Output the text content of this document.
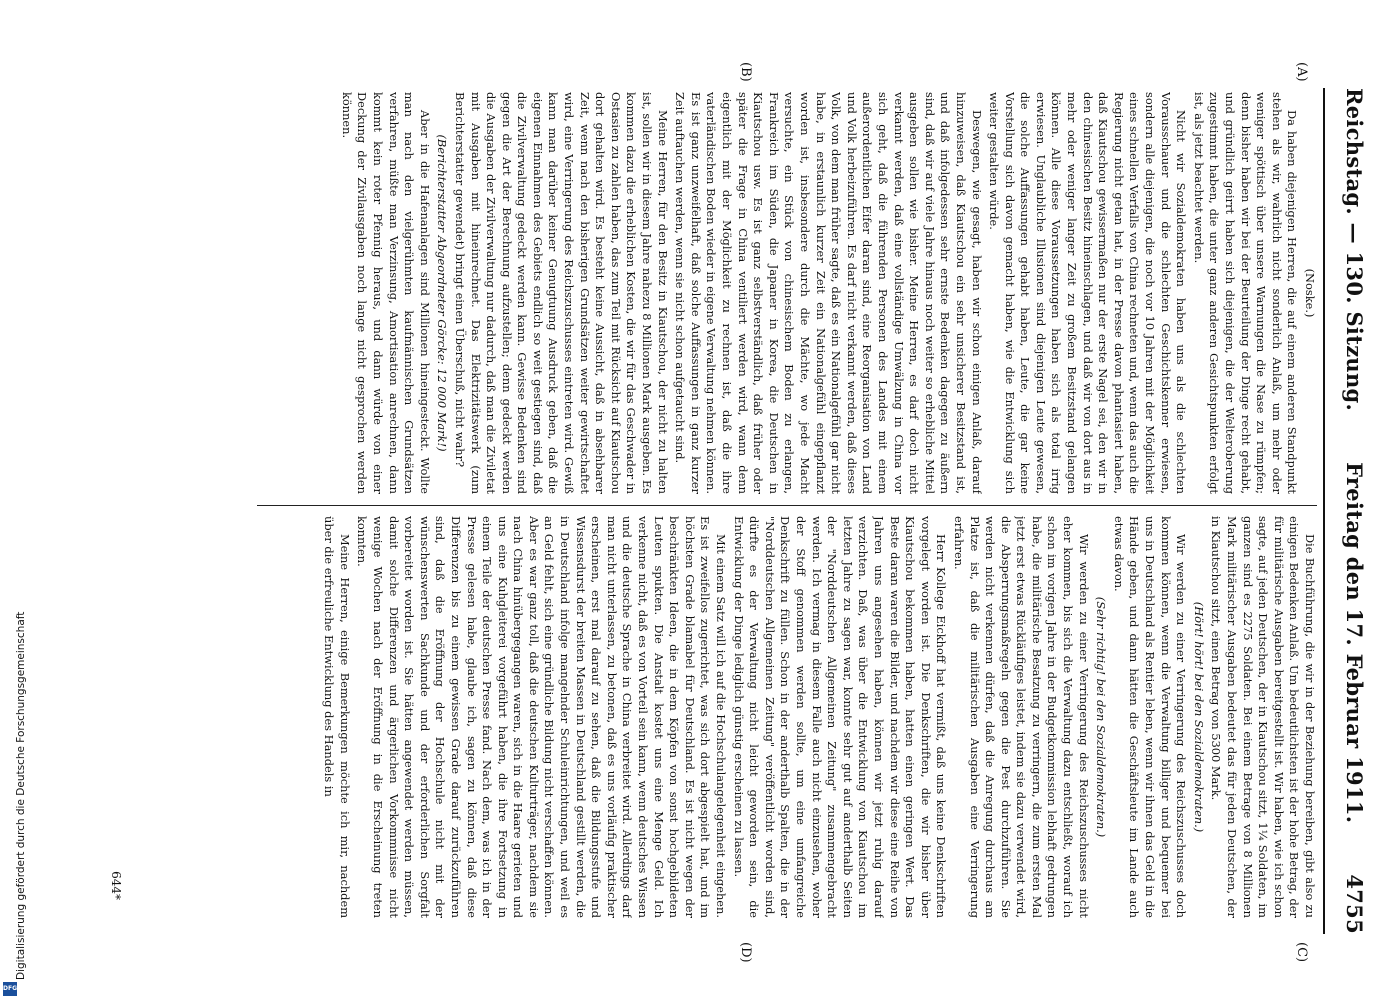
Digitalisierung gefördert durch die Deutsche Forschungsgemeinschaft
DFG
Reichstag. — 130. Sitzung.
Freitag den 17. Februar 1911.
4755
(A)
(B)
(C)
(D)

(Noske.)

Da haben diejenigen Herren, die auf einem anderen Standpunkt stehen als wir, wahrlich nicht sonderlich Anlaß, um mehr oder weniger spöttisch über unsere Warnungen die Nase zu rümpfen; denn bisher haben wir bei der Beurteilung der Dinge recht gehabt, und gründlich geirrt haben sich diejenigen, die der Welteroberung zugestimmt haben, die unter ganz anderen Gesichtspunkten erfolgt ist, als jetzt beachtet werden.

Nicht wir Sozialdemokraten haben uns als die schlechten Vorausschauer und die schlechten Geschichtskenner erwiesen, sondern alle diejenigen, die noch vor 10 Jahren mit der Möglichkeit eines schnellen Verfalls von China rechneten und, wenn das auch die Regierung nicht getan hat, in der Presse davon phantasiert haben, daß Kiautschou gewissermaßen nur der erste Nagel sei, den wir in den chinesischen Besitz hineinschlagen, und daß wir von dort aus in mehr oder weniger langer Zeit zu großem Besitzstand gelangen können. Alle diese Voraussetzungen haben sich als total irrig erwiesen. Unglaubliche Illusionen sind diejenigen Leute gewesen, die solche Auffassungen gehabt haben, Leute, die gar keine Vorstellung sich davon gemacht haben, wie die Entwicklung sich weiter gestalten würde.

Deswegen, wie gesagt, haben wir schon einigen Anlaß, darauf hinzuweisen, daß Kiautschou ein sehr unsicherer Besitzstand ist, und daß infolgedessen sehr ernste Bedenken dagegen zu äußern sind, daß wir auf viele Jahre hinaus noch weiter so erhebliche Mittel ausgeben sollen wie bisher. Meine Herren, es darf doch nicht verkannt werden, daß eine vollständige Umwälzung in China vor sich geht, daß die führenden Personen des Landes mit einem außerordentlichen Eifer daran sind, eine Reorganisation von Land und Volk herbeizuführen. Es darf nicht verkannt werden, daß dieses Volk, von dem man früher sagte, daß es ein Nationalgefühl gar nicht habe, in erstaunlich kurzer Zeit ein Nationalgefühl eingepflanzt worden ist, insbesondere durch die Mächte, wo jede Macht versuchte, ein Stück von chinesischem Boden zu erlangen, Frankreich im Süden, die Japaner in Korea, die Deutschen in Kiautschou usw. Es ist ganz selbstverständlich, daß früher oder später die Frage in China ventiliert werden wird, wann denn eigentlich mit der Möglichkeit zu rechnen ist, daß die ihre vaterländischen Boden wieder in eigene Verwaltung nehmen können. Es ist ganz unzweifelhaft, daß solche Auffassungen in ganz kurzer Zeit auftauchen werden, wenn sie nicht schon aufgetaucht sind.

Meine Herren, für den Besitz in Kiautschou, der nicht zu halten ist, sollen wir in diesem Jahre nahezu 8 Millionen Mark ausgeben. Es kommen dazu die erheblichen Kosten, die wir für das Geschwader in Ostasien zu zahlen haben, das zum Teil mit Rücksicht auf Kiautschou dort gehalten wird. Es besteht keine Aussicht, daß in absehbarer Zeit, wenn nach den bisherigen Grundsätzen weiter gewirtschaftet wird, eine Verringerung des Reichszuschusses eintreten wird. Gewiß kann man darüber keiner Genugtuung Ausdruck geben, daß die eigenen Einnahmen des Gebiets endlich so weit gestiegen sind, daß die Zivilverwaltung gedeckt werden kann. Gewisse Bedenken sind gegen die Art der Berechnung aufzustellen; denn gedeckt werden die Ausgaben der Zivilverwaltung nur dadurch, daß man die Ziviletat mit Ausgaben mit hineinrechnet. Das Elektrizitätswerk (zum Berichterstatter gewendet) bringt einen Überschuß, nicht wahr?

(Berichterstatter Abgeordneter Görcke: 12 000 Mark!)

Aber in die Hafenanlagen sind Millionen hineingesteckt. Wollte man nach den vielgerühmten kaufmännischen Grundsätzen verfahren, müßte man Verzinsung, Amortisation anrechnen, dann kommt kein roter Pfennig heraus, und dann würde von einer Deckung der Zivilausgaben noch lange nicht gesprochen werden können.

Die Buchführung, die wir in der Beziehung bereiben, gibt also zu einigen Bedenken Anlaß. Um bedeutlichsten ist der hohe Betrag, der für militärische Ausgaben bereitgestellt ist. Wir haben, wie ich schon sagte, auf jeden Deutschen, der in Kiautschou sitzt, 1¼ Soldaten, im ganzen sind es 2275 Soldaten. Bei einem Betrage von 8 Millionen Mark militärischer Ausgaben bedeutet das für jeden Deutschen, der in Kiautschou sitzt, einen Betrag von 5300 Mark.

(Hört! hört! bei den Sozialdemokraten.)

Wir werden zu einer Verringerung des Reichszuschusses doch kommen können, wenn die Verwaltung billiger und bequemer bei uns in Deutschland als Rentier leben, wenn wir ihnen das Geld in die Hände geben, und dann hätten die Geschäftsleute im Lande auch etwas davon.

(Sehr richtig! bei den Sozialdemokraten.)

Wir werden zu einer Verringerung des Reichszuschusses nicht eher kommen, bis sich die Verwaltung dazu entschließt, worauf ich schon im vorigen Jahre in der Budgetkommission lebhaft gedrungen habe, die militärische Besatzung zu verringern, die zum ersten Mal jetzt erst etwas Rückläufiges leistet, indem sie dazu verwendet wird, die Absperrungsmaßregeln gegen die Pest durchzuführen. Sie werden nicht verkennen dürfen, daß die Anregung durchaus am Platze ist, daß die militärischen Ausgaben eine Verringerung erfahren.

Herr Kollege Eickhoff hat vermißt, daß uns keine Denkschriften vorgelegt worden ist. Die Denkschriften, die wir bisher über Kiautschou bekommen haben, hatten einen geringen Wert. Das Beste daran waren die Bilder, und nachdem wir diese eine Reihe von Jahren uns angesehen haben, können wir jetzt ruhig darauf verzichten. Daß, was über die Entwicklung von Kiautschou im letzten Jahre zu sagen war, konnte sehr gut auf anderthalb Seiten der "Norddeutschen Allgemeinen Zeitung" zusammengebracht werden. Ich vermag in diesem Falle auch nicht einzusehen, woher der Stoff genommen werden sollte, um eine umfangreiche Denkschrift zu füllen. Schon in der anderthalb Spalten, die in der "Norddeutschen Allgemeinen Zeitung" veröffentlicht worden sind, dürfte es der Verwaltung nicht leicht geworden sein, die Entwicklung der Dinge lediglich günstig erscheinen zu lassen.

Mit einem Satz will ich auf die Hochschulangelegenheit eingehen. Es ist zweifellos zugerichtet, was sich dort abgespielt hat, und im höchsten Grade blamabel für Deutschland. Es ist nicht wegen der beschränkten Ideen, die in dem Köpfen von sonst hochgebildeten Leuten spukten. Die Anstalt kostet uns eine Menge Geld. Ich verkenne nicht, daß es von Vorteil sein kann, wenn deutsches Wissen und die deutsche Sprache in China verbreitet wird. Allerdings darf man nicht unterlassen, zu betonen, daß es uns vorläufig praktischer erscheinen, erst mal darauf zu sehen, daß die Bildungsstufe und Wissensdurst der breiten Massen in Deutschland gestillt werden, die in Deutschland infolge mangelnder Schuleinrichtungen, und weil es an Geld fehlt, sich eine gründliche Bildung nicht verschaffen können. Aber es war ganz toll, daß die deutschen Kulturträger, nachdem sie nach China hinübergegangen waren, sich in die Haare gerieten und uns eine Kuhgleiterei vorgeführt haben, die ihre Fortsetzung in einem Teile der deutschen Presse fand. Nach dem, was ich in der Presse gelesen habe, glaube ich, sagen zu können, daß diese Differenzen bis zu einem gewissen Grade darauf zurückzuführen sind, daß die Eröffnung der Hochschule nicht mit der wünschenswerten Sachkunde und der erforderlichen Sorgfalt vorbereitet worden ist. Sie hätten angewendet werden müssen, damit solche Differenzen und ärgerlichen Vorkommnisse nicht wenige Wochen nach der Eröffnung in die Erscheinung treten konnten.

Meine Herren, einige Bemerkungen möchte ich mir, nachdem über die erfreuliche Entwicklung des Handels in

644*
